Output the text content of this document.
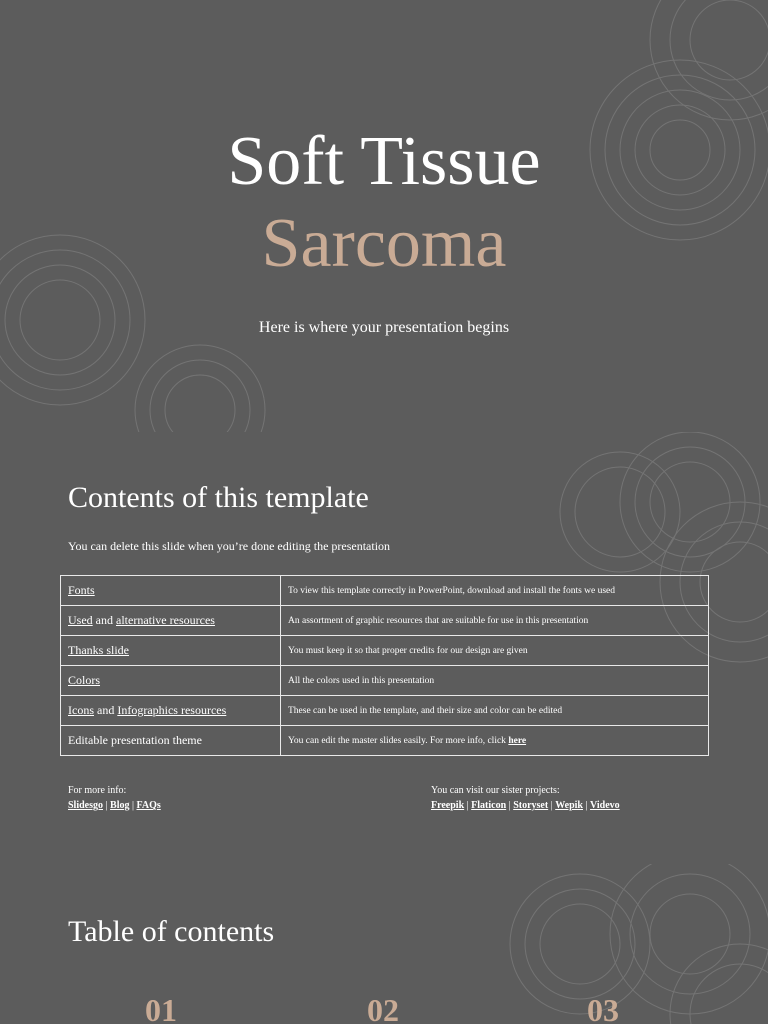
Soft Tissue
Sarcoma
Here is where your presentation begins
Contents of this template
You can delete this slide when you’re done editing the presentation
Fonts	To view this template correctly in PowerPoint, download and install the fonts we used
Used and alternative resources	An assortment of graphic resources that are suitable for use in this presentation
Thanks slide	You must keep it so that proper credits for our design are given
Colors	All the colors used in this presentation
Icons and Infographics resources	These can be used in the template, and their size and color can be edited
Editable presentation theme	You can edit the master slides easily. For more info, click here
For more info:
Slidesgo | Blog | FAQs
You can visit our sister projects:
Freepik | Flaticon | Storyset | Wepik | Videvo
Table of contents
01	02	03
